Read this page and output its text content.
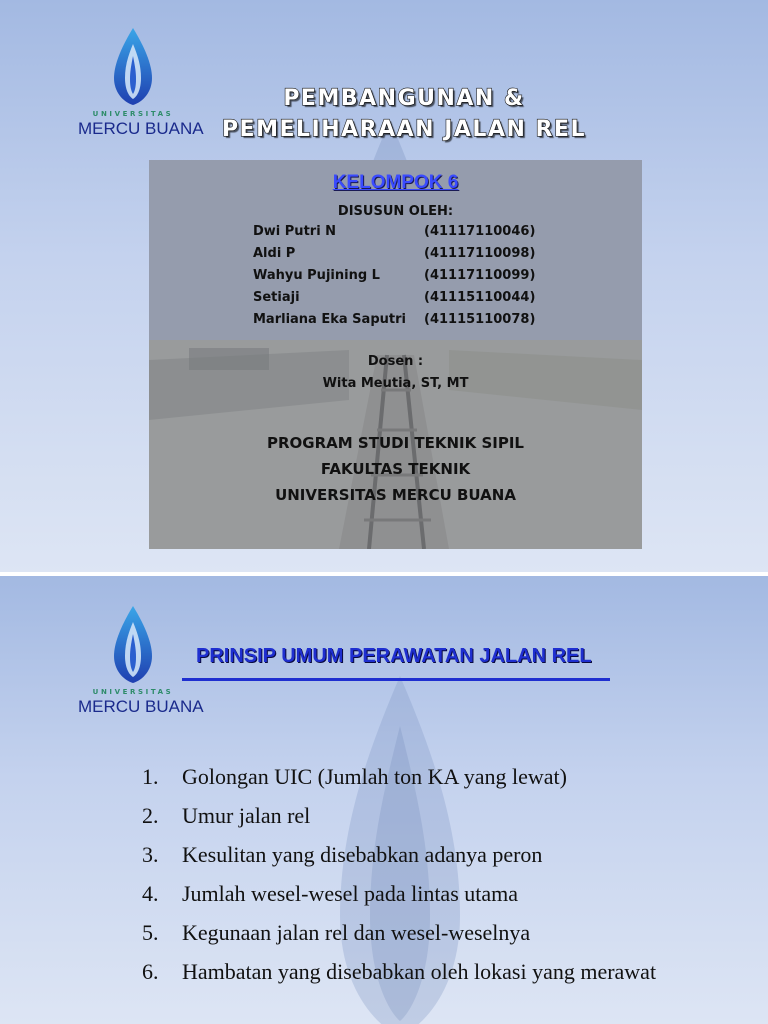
UNIVERSITAS
MERCU BUANA
PEMBANGUNAN &
PEMELIHARAAN JALAN REL
KELOMPOK 6
DISUSUN OLEH:
Dwi Putri N	(41117110046)
Aldi P	(41117110098)
Wahyu Pujining L	(41117110099)
Setiaji	(41115110044)
Marliana Eka Saputri (41115110078)
Dosen :
Wita Meutia, ST, MT
PROGRAM STUDI TEKNIK SIPIL
FAKULTAS TEKNIK
UNIVERSITAS MERCU BUANA
UNIVERSITAS
MERCU BUANA
PRINSIP UMUM PERAWATAN JALAN REL
1. Golongan UIC (Jumlah ton KA yang lewat)
2. Umur jalan rel
3. Kesulitan yang disebabkan adanya peron
4. Jumlah wesel-wesel pada lintas utama
5. Kegunaan jalan rel dan wesel-weselnya
6. Hambatan yang disebabkan oleh lokasi yang merawat
